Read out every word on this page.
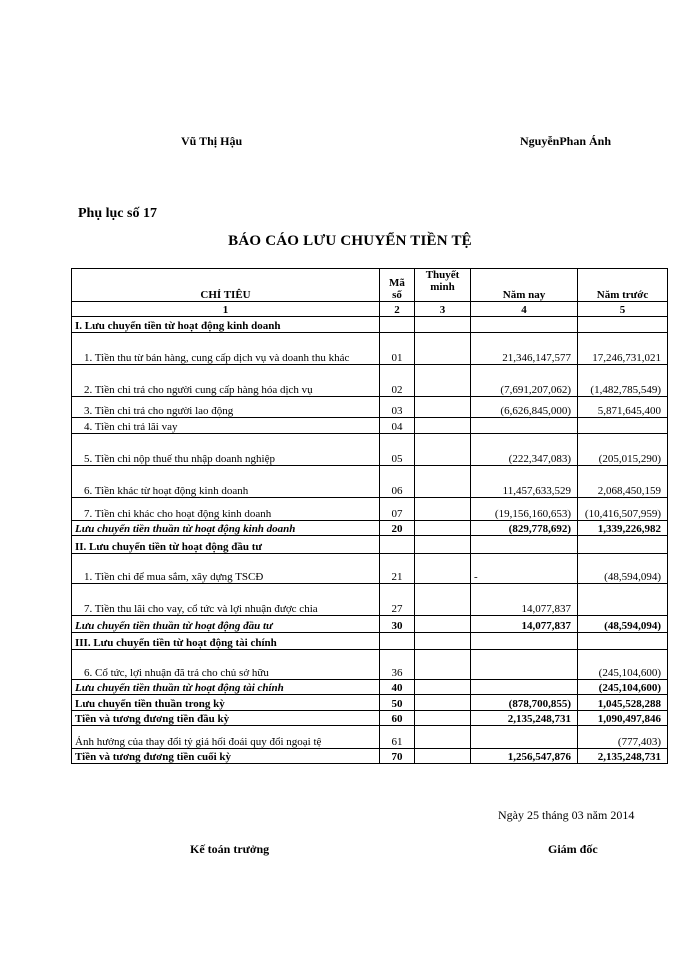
Vũ Thị Hậu	NguyễnPhan Ánh
Phụ lục số 17
BÁO CÁO LƯU CHUYỂN TIỀN TỆ
CHỈ TIÊU	Mã số	Thuyết minh	Năm nay	Năm trước
1	2	3	4	5
I. Lưu chuyển tiền từ hoạt động kinh doanh				
1. Tiền thu từ bán hàng, cung cấp dịch vụ và doanh thu khác	01		21,346,147,577	17,246,731,021
2. Tiền chi trả cho người cung cấp hàng hóa dịch vụ	02		(7,691,207,062)	(1,482,785,549)
3. Tiền chi trả cho người lao động	03		(6,626,845,000)	5,871,645,400
4. Tiền chi trả lãi vay	04			
5. Tiền chi nộp thuế thu nhập doanh nghiệp	05		(222,347,083)	(205,015,290)
6. Tiền khác từ hoạt động kinh doanh	06		11,457,633,529	2,068,450,159
7. Tiền chi khác cho hoạt động kinh doanh	07		(19,156,160,653)	(10,416,507,959)
Lưu chuyển tiền thuần từ hoạt động kinh doanh	20		(829,778,692)	1,339,226,982
II. Lưu chuyển tiền từ hoạt động đầu tư				
1. Tiền chi để mua sắm, xây dựng TSCĐ	21		-	(48,594,094)
7. Tiền thu lãi cho vay, cổ tức và lợi nhuận được chia	27		14,077,837	
Lưu chuyển tiền thuần từ hoạt động đầu tư	30		14,077,837	(48,594,094)
III. Lưu chuyển tiền từ hoạt động tài chính				
6. Cổ tức, lợi nhuận đã trả cho chủ sở hữu	36			(245,104,600)
Lưu chuyển tiền thuần từ hoạt động tài chính	40			(245,104,600)
Lưu chuyển tiền thuần trong kỳ	50		(878,700,855)	1,045,528,288
Tiền và tương đương tiền đầu kỳ	60		2,135,248,731	1,090,497,846
Ảnh hưởng của thay đổi tỷ giá hối đoái quy đổi ngoại tệ	61			(777,403)
Tiền và tương đương tiền cuối kỳ	70		1,256,547,876	2,135,248,731
Ngày 25 tháng 03 năm 2014
Kế toán trưởng	Giám đốc
